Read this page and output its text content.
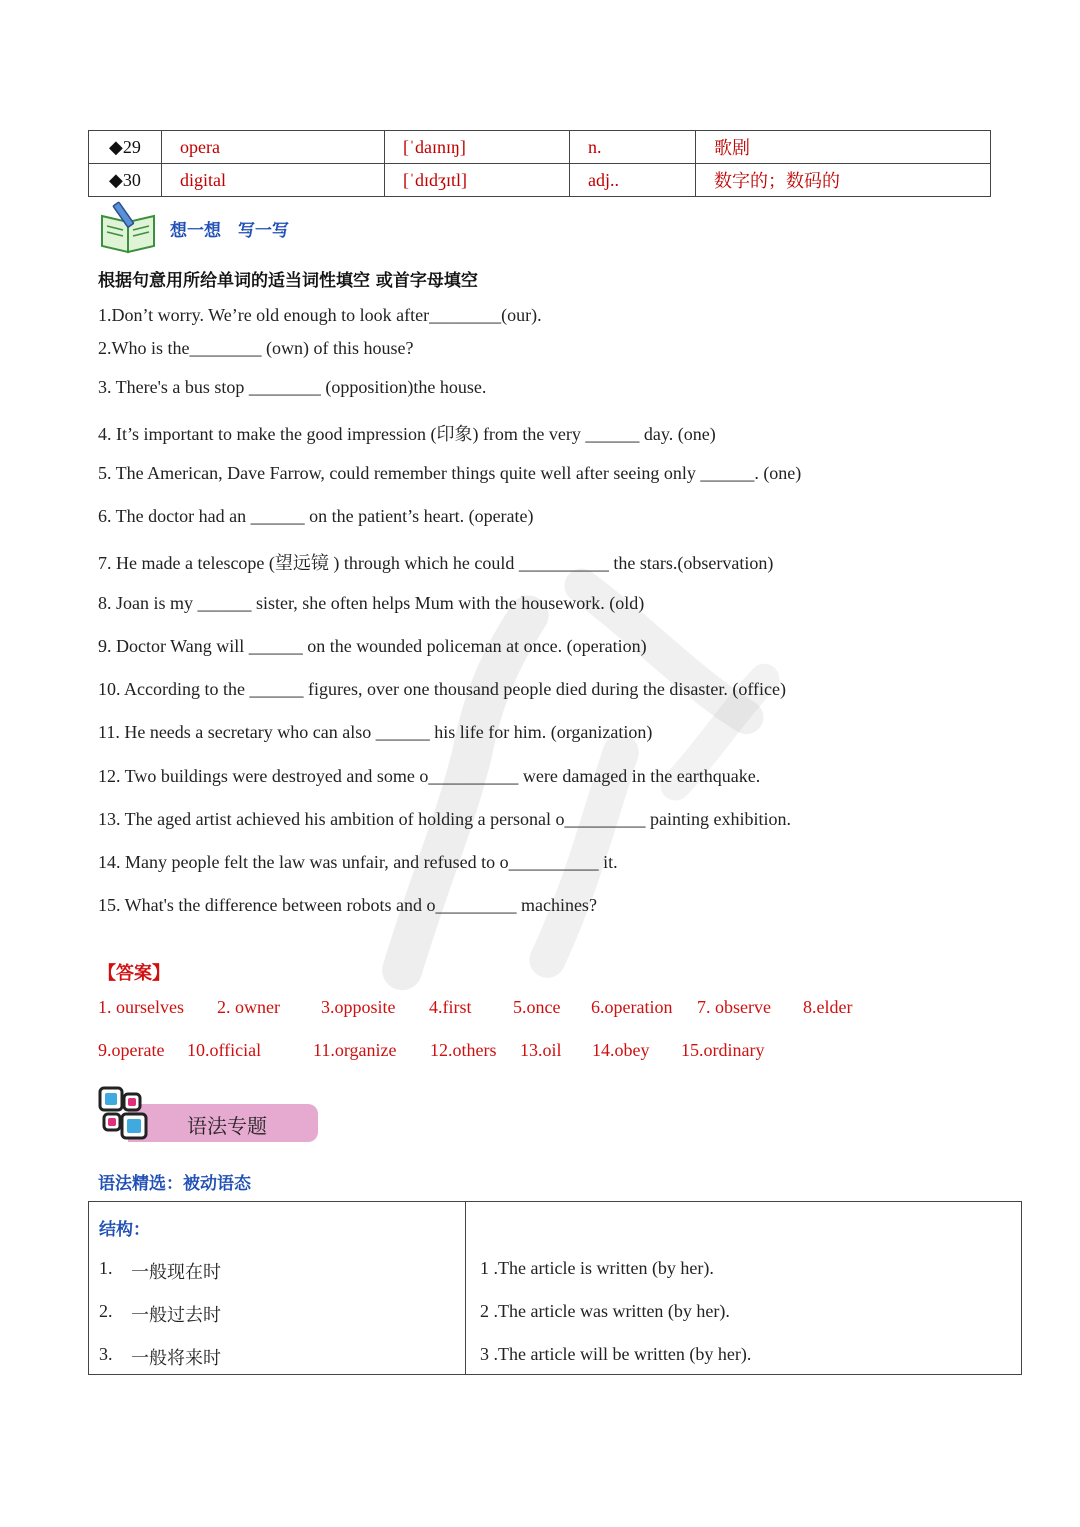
◆29	opera	[ˈdaɪnɪŋ]	n.	歌剧
◆30	digital	[ˈdɪdʒɪtl]	adj..	数字的；数码的
想一想　写一写
根据句意用所给单词的适当词性填空 或首字母填空
1.Don’t worry. We’re old enough to look after________(our).
2.Who is the________ (own) of this house?
3. There's a bus stop ________ (opposition)the house.
4. It’s important to make the good impression (印象) from the very ______ day. (one)
5. The American, Dave Farrow, could remember things quite well after seeing only ______. (one)
6. The doctor had an ______ on the patient’s heart. (operate)
7. He made a telescope (望远镜 ) through which he could __________ the stars.(observation)
8. Joan is my ______ sister, she often helps Mum with the housework. (old)
9. Doctor Wang will ______ on the wounded policeman at once. (operation)
10. According to the ______ figures, over one thousand people died during the disaster. (office)
11. He needs a secretary who can also ______ his life for him. (organization)
12. Two buildings were destroyed and some o__________ were damaged in the earthquake.
13. The aged artist achieved his ambition of holding a personal o_________ painting exhibition.
14. Many people felt the law was unfair, and refused to o__________ it.
15. What's the difference between robots and o_________ machines?
【答案】
1. ourselves 2. owner 3.opposite 4.first 5.once 6.operation 7. observe 8.elder
9.operate 10.official	11.organize 12.others 13.oil 14.obey 15.ordinary
语法专题
语法精选：被动语态
结构：
1. 一般现在时	1 .The article is written (by her).
2. 一般过去时	2 .The article was written (by her).
3. 一般将来时	3 .The article will be written (by her).
